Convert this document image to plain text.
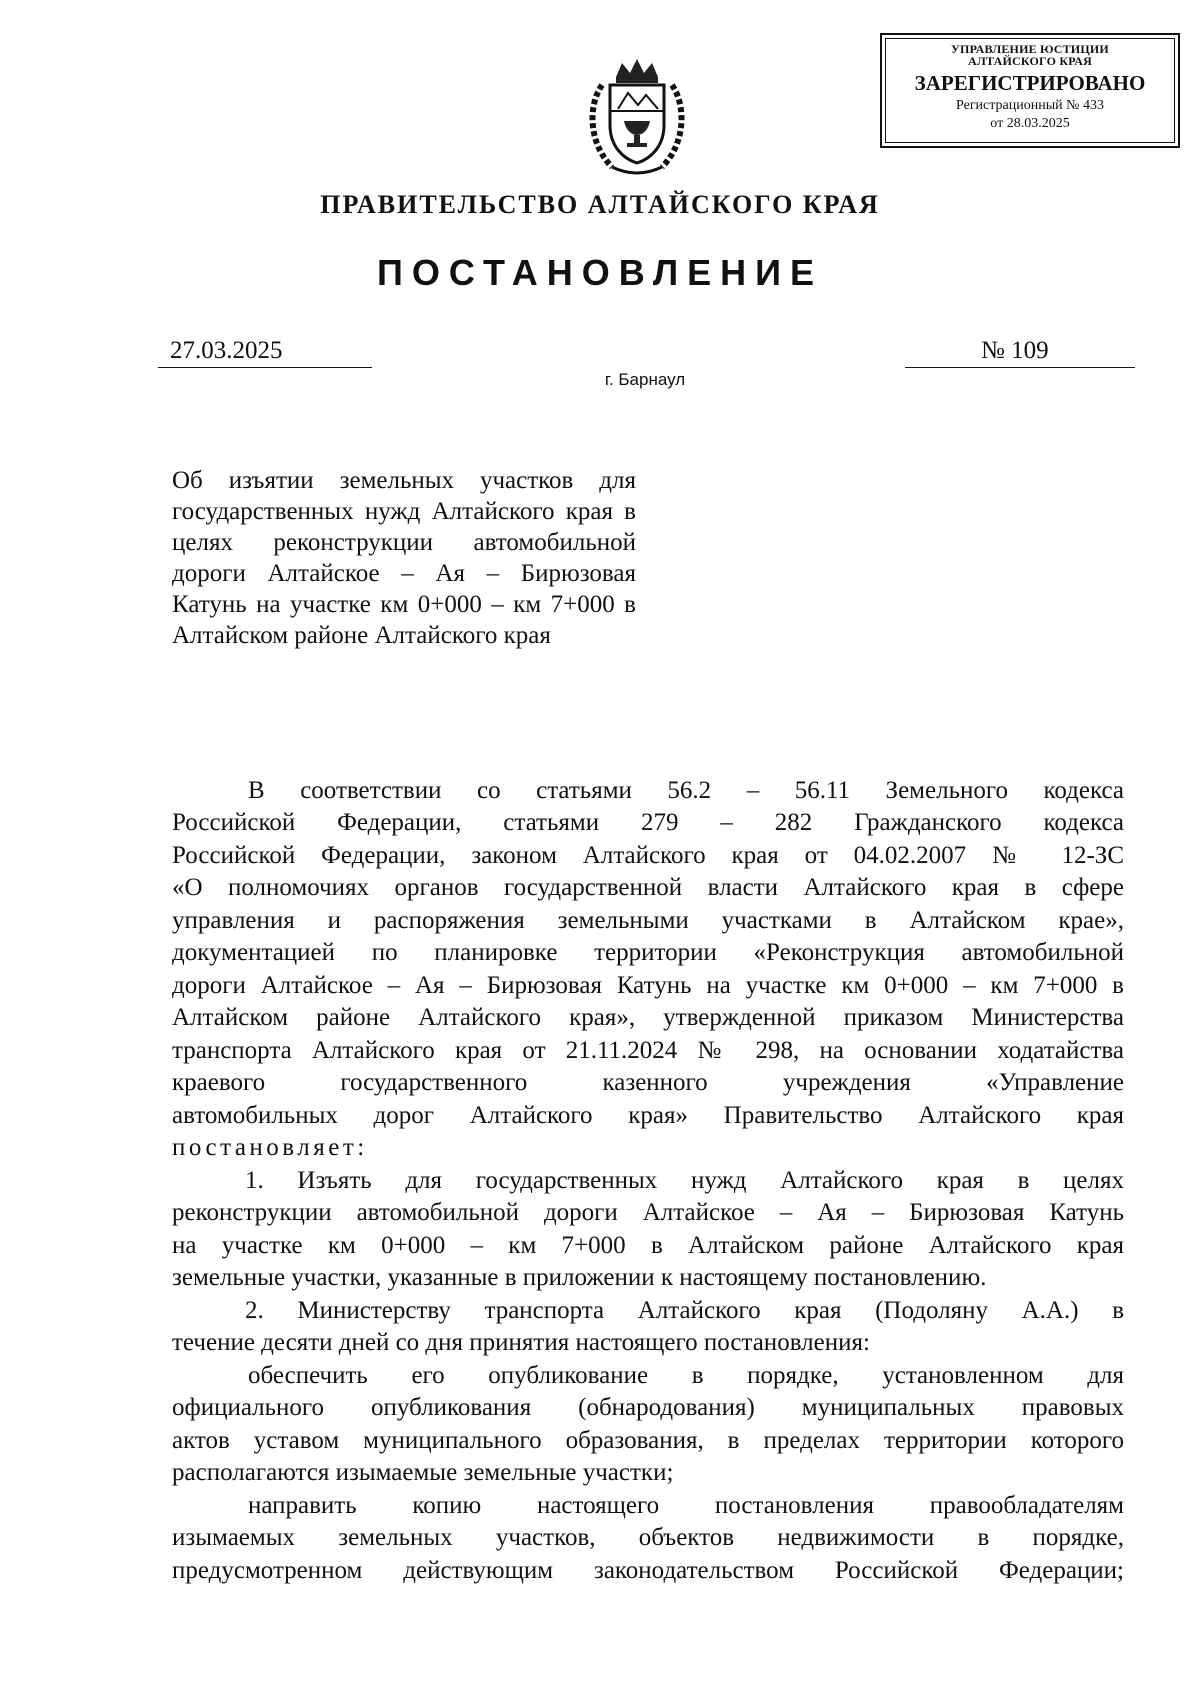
УПРАВЛЕНИЕ ЮСТИЦИИ
АЛТАЙСКОГО КРАЯ
ЗАРЕГИСТРИРОВАНО
Регистрационный № 433
от 28.03.2025
ПРАВИТЕЛЬСТВО АЛТАЙСКОГО КРАЯ
ПОСТАНОВЛЕНИЕ
27.03.2025	№ 109
г. Барнаул
Об изъятии земельных участков для государственных нужд Алтайского края в целях реконструкции автомобильной дороги Алтайское – Ая – Бирюзовая Катунь на участке км 0+000 – км 7+000 в Алтайском районе Алтайского края
В соответствии со статьями 56.2 – 56.11 Земельного кодекса
Российской Федерации, статьями 279 – 282 Гражданского кодекса
Российской Федерации, законом Алтайского края от 04.02.2007 № 12-ЗС
«О полномочиях органов государственной власти Алтайского края в сфере
управления и распоряжения земельными участками в Алтайском крае»,
документацией по планировке территории «Реконструкция автомобильной
дороги Алтайское – Ая – Бирюзовая Катунь на участке км 0+000 – км 7+000 в
Алтайском районе Алтайского края», утвержденной приказом Министерства
транспорта Алтайского края от 21.11.2024 № 298, на основании ходатайства
краевого государственного казенного учреждения «Управление
автомобильных дорог Алтайского края» Правительство Алтайского края
постановляет:
1. Изъять для государственных нужд Алтайского края в целях
реконструкции автомобильной дороги Алтайское – Ая – Бирюзовая Катунь
на участке км 0+000 – км 7+000 в Алтайском районе Алтайского края
земельные участки, указанные в приложении к настоящему постановлению.
2. Министерству транспорта Алтайского края (Подоляну А.А.) в
течение десяти дней со дня принятия настоящего постановления:
обеспечить его опубликование в порядке, установленном для
официального опубликования (обнародования) муниципальных правовых
актов уставом муниципального образования, в пределах территории которого
располагаются изымаемые земельные участки;
направить копию настоящего постановления правообладателям
изымаемых земельных участков, объектов недвижимости в порядке,
предусмотренном действующим законодательством Российской Федерации;
